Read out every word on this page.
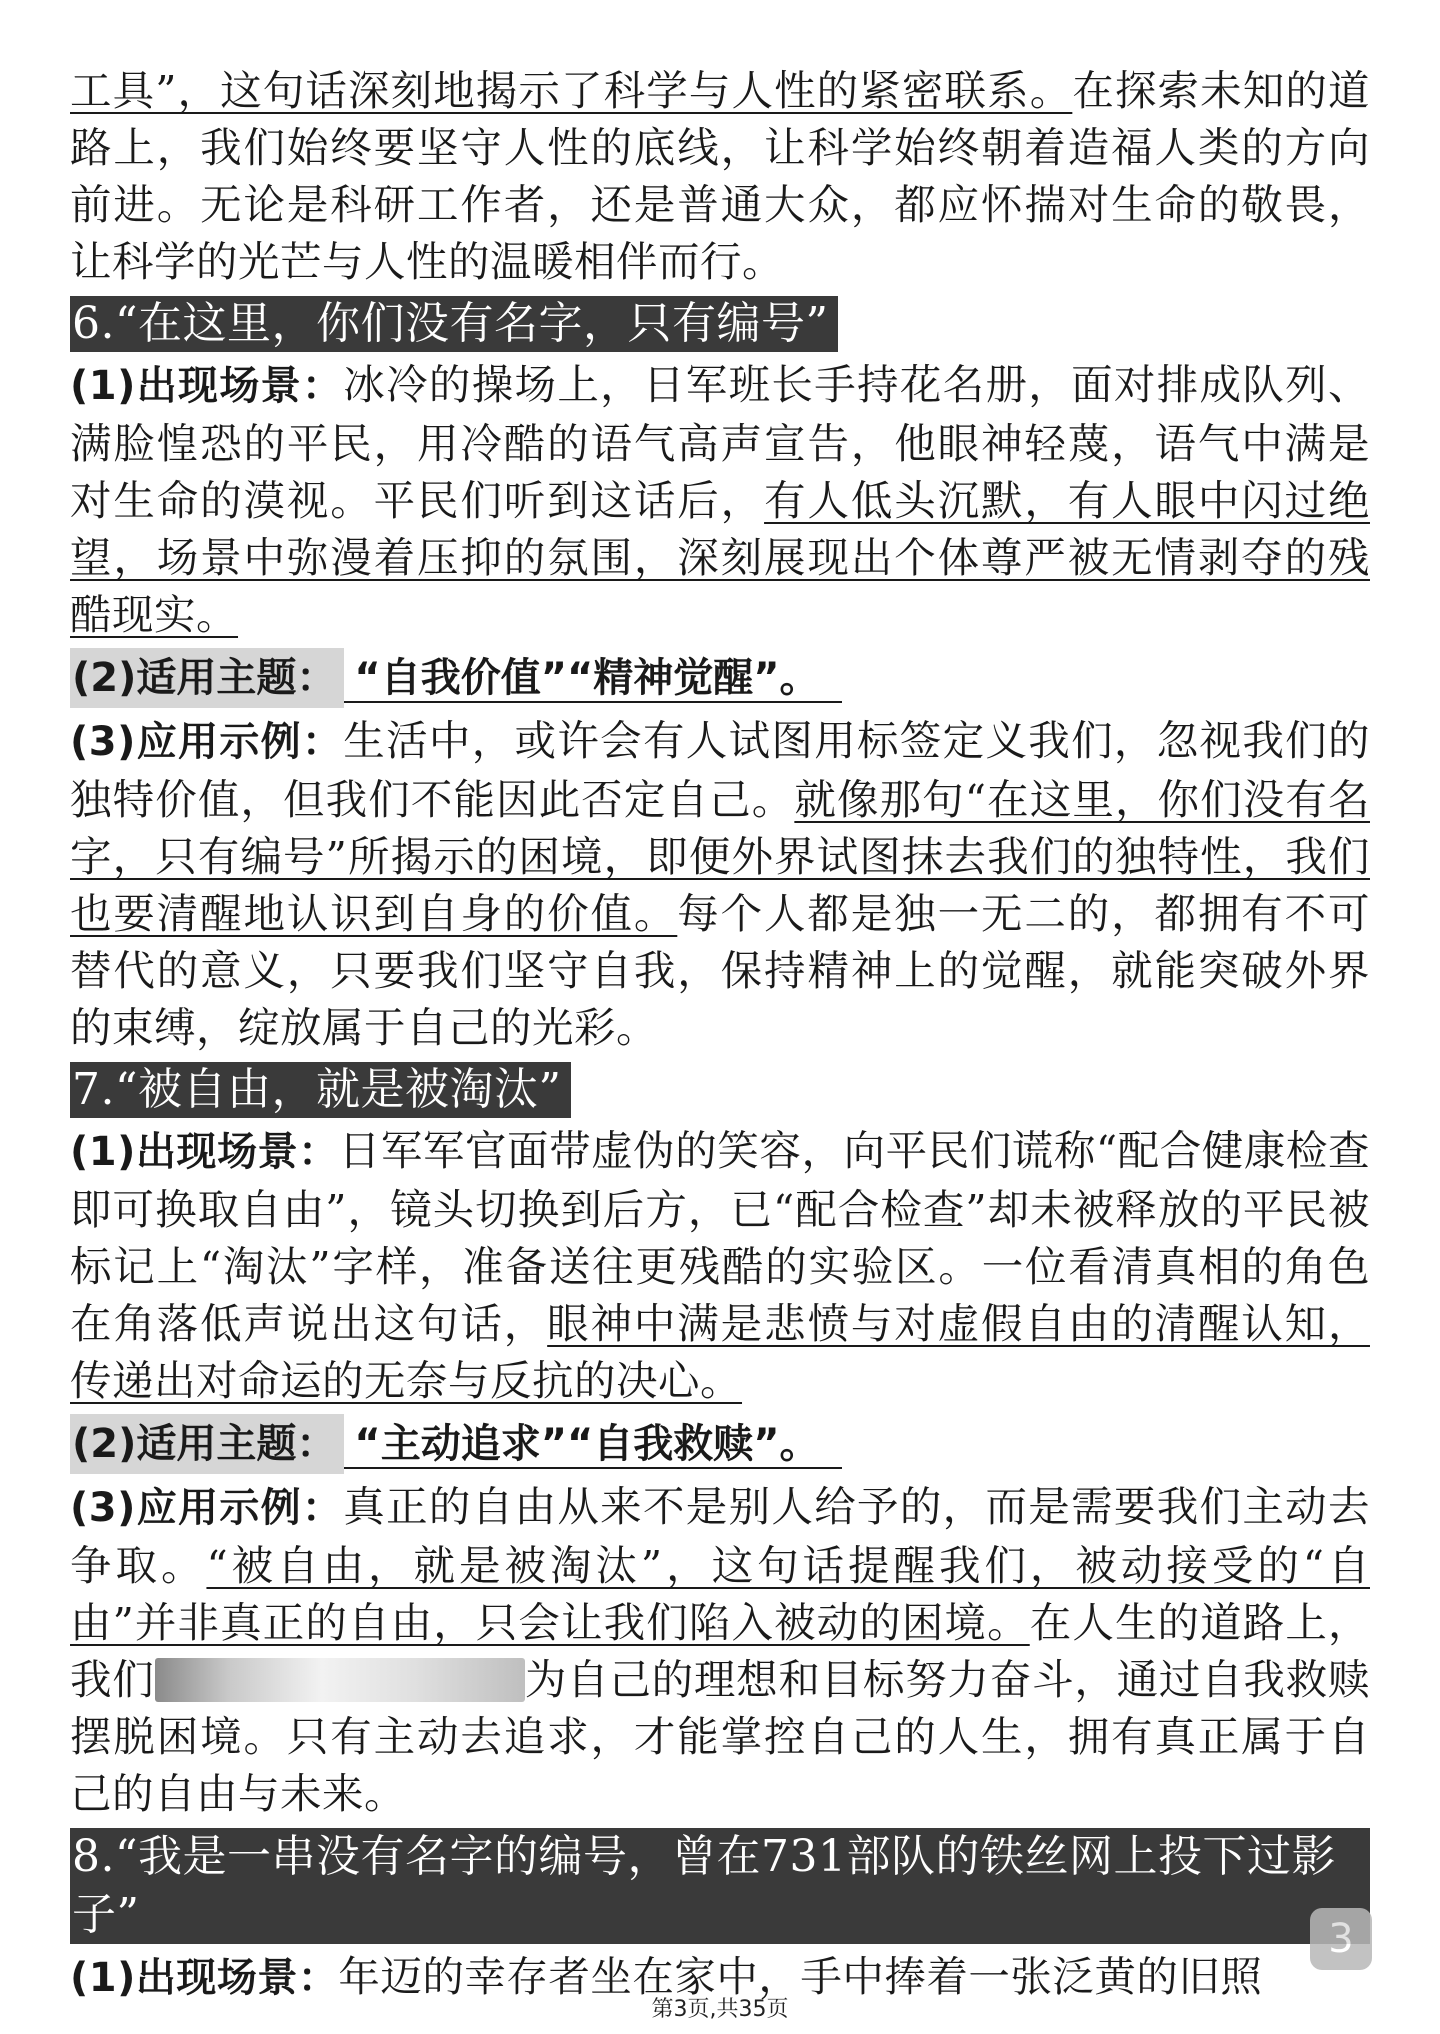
工具”，这句话深刻地揭示了科学与人性的紧密联系。在探索未知的道路上，我们始终要坚守人性的底线，让科学始终朝着造福人类的方向前进。无论是科研工作者，还是普通大众，都应怀揣对生命的敬畏，让科学的光芒与人性的温暖相伴而行。

6.“在这里，你们没有名字，只有编号”

(1)出现场景：冰冷的操场上，日军班长手持花名册，面对排成队列、满脸惶恐的平民，用冷酷的语气高声宣告，他眼神轻蔑，语气中满是对生命的漠视。平民们听到这话后，有人低头沉默，有人眼中闪过绝望，场景中弥漫着压抑的氛围，深刻展现出个体尊严被无情剥夺的残酷现实。

(2)适用主题： “自我价值”“精神觉醒”。

(3)应用示例：生活中，或许会有人试图用标签定义我们，忽视我们的独特价值，但我们不能因此否定自己。就像那句“在这里，你们没有名字，只有编号”所揭示的困境，即便外界试图抹去我们的独特性，我们也要清醒地认识到自身的价值。每个人都是独一无二的，都拥有不可替代的意义，只要我们坚守自我，保持精神上的觉醒，就能突破外界的束缚，绽放属于自己的光彩。

7.“被自由，就是被淘汰”

(1)出现场景：日军军官面带虚伪的笑容，向平民们谎称“配合健康检查即可换取自由”，镜头切换到后方，已“配合检查”却未被释放的平民被标记上“淘汰”字样，准备送往更残酷的实验区。一位看清真相的角色在角落低声说出这句话，眼神中满是悲愤与对虚假自由的清醒认知，传递出对命运的无奈与反抗的决心。

(2)适用主题： “主动追求”“自我救赎”。

(3)应用示例：真正的自由从来不是别人给予的，而是需要我们主动去争取。“被自由，就是被淘汰”，这句话提醒我们，被动接受的“自由”并非真正的自由，只会让我们陷入被动的困境。在人生的道路上，我们	为自己的理想和目标努力奋斗，通过自我救赎摆脱困境。只有主动去追求，才能掌控自己的人生，拥有真正属于自己的自由与未来。

8.“我是一串没有名字的编号，曾在731部队的铁丝网上投下过影子”

(1)出现场景：年迈的幸存者坐在家中，手中捧着一张泛黄的旧照

3
第3页,共35页
